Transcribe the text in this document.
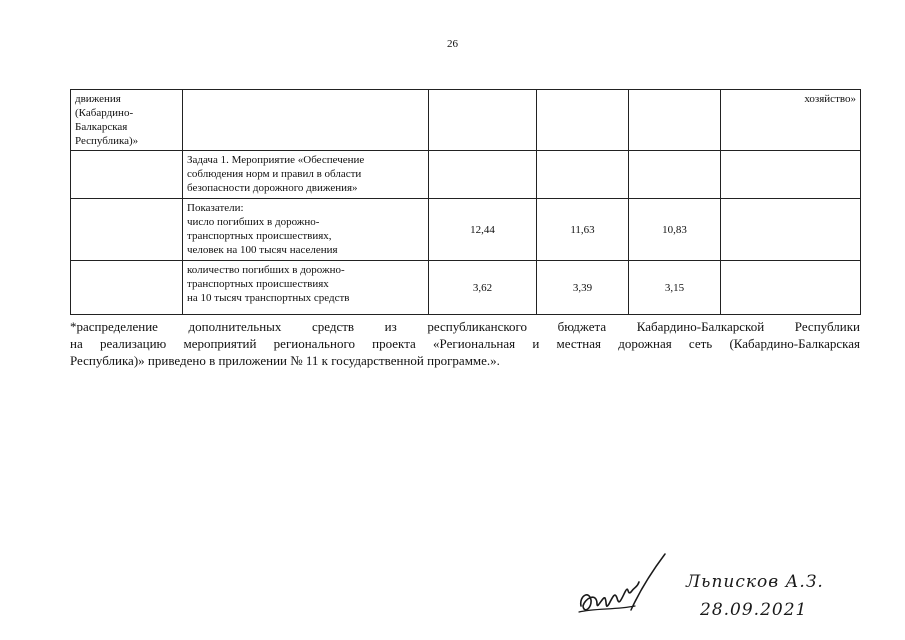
26
движения
(Кабардино-
Балкарская
Республика)»					хозяйство»

	Задача 1. Мероприятие «Обеспечение
соблюдения норм и правил в области
безопасности дорожного движения»				

	Показатели:
число погибших в дорожно-
транспортных происшествиях,
человек на 100 тысяч населения	12,44	11,63	10,83	

	количество погибших в дорожно-
транспортных происшествиях
на 10 тысяч транспортных средств	3,62	3,39	3,15	
*распределение дополнительных средств из республиканского бюджета Кабардино-Балкарской Республики
на реализацию мероприятий регионального проекта «Региональная и местная дорожная сеть (Кабардино-Балкарская
Республика)» приведено в приложении № 11 к государственной программе.».
Льписков А.З.
28.09.2021
